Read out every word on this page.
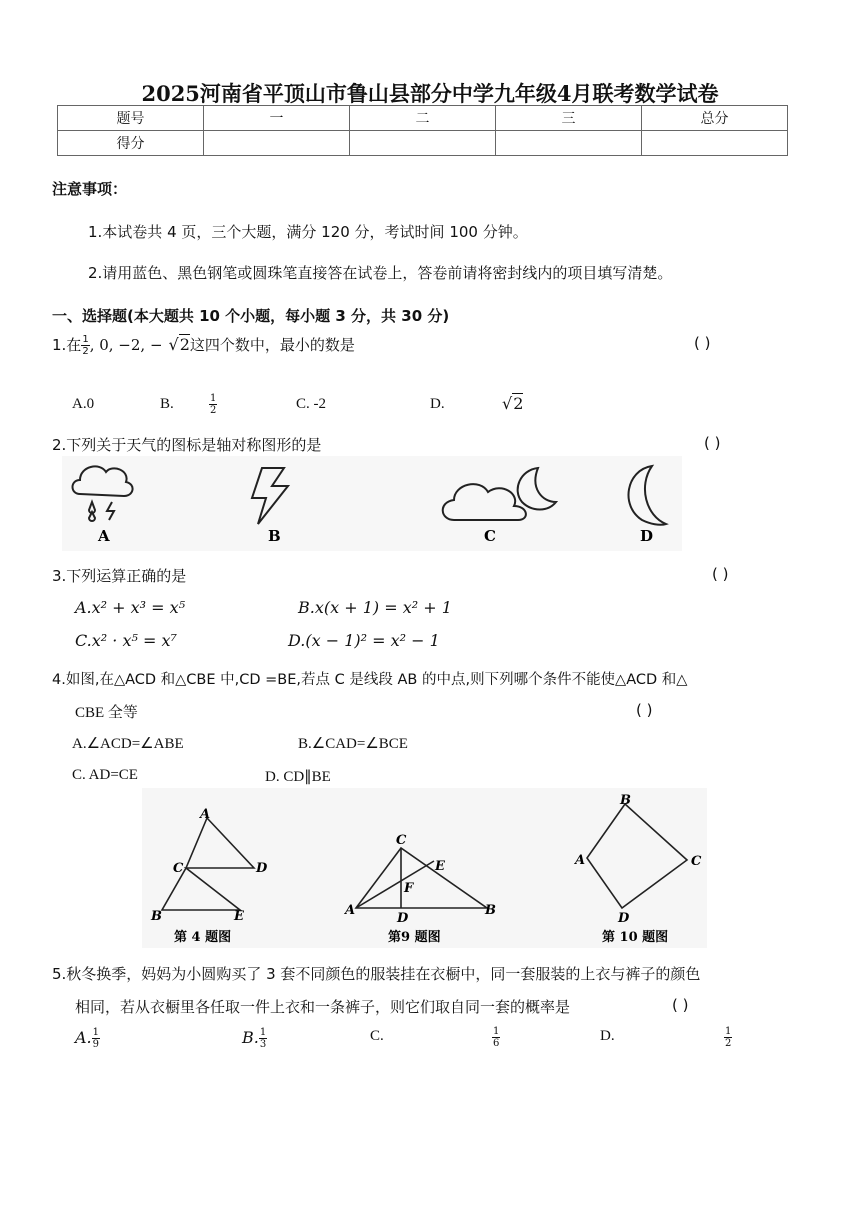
2025河南省平顶山市鲁山县部分中学九年级4月联考数学试卷
题号	一	二	三	总分
得分				
注意事项：
1.本试卷共 4 页，三个大题，满分 120 分，考试时间 100 分钟。
2.请用蓝色、黑色钢笔或圆珠笔直接答在试卷上，答卷前请将密封线内的项目填写清楚。
一、选择题(本大题共 10 个小题，每小题 3 分，共 30 分)
1.在 $\frac{1}{2}$ , 0, −2, − √2这四个数中，最小的数是	( )
A.0	B.	$\frac{1}{2}$	C. -2	D.	√2
2.下列关于天气的图标是轴对称图形的是	( )
A	B	C	D
3.下列运算正确的是	( )
A.x² + x³ = x⁵	B.x(x + 1) = x² + 1
C.x² · x⁵ = x⁷	D.(x − 1)² = x² − 1
4.如图,在△ACD 和△CBE 中,CD =BE,若点 C 是线段 AB 的中点,则下列哪个条件不能使△ACD 和△
CBE 全等	( )
A.∠ACD=∠ABE	B.∠CAD=∠BCE
C. AD=CE	D. CD∥BE
A
C	D
B	E
第 4 题图
C
E
F
A
D
B
第9 题图
B
A	C
D
第 10 题图
5.秋冬换季，妈妈为小圆购买了 3 套不同颜色的服装挂在衣橱中，同一套服装的上衣与裤子的颜色
相同，若从衣橱里各任取一件上衣和一条裤子，则它们取自同一套的概率是	( )
A. $\frac{1}{9}$	B. $\frac{1}{3}$	C.	$\frac{1}{6}$	D.	$\frac{1}{2}$
